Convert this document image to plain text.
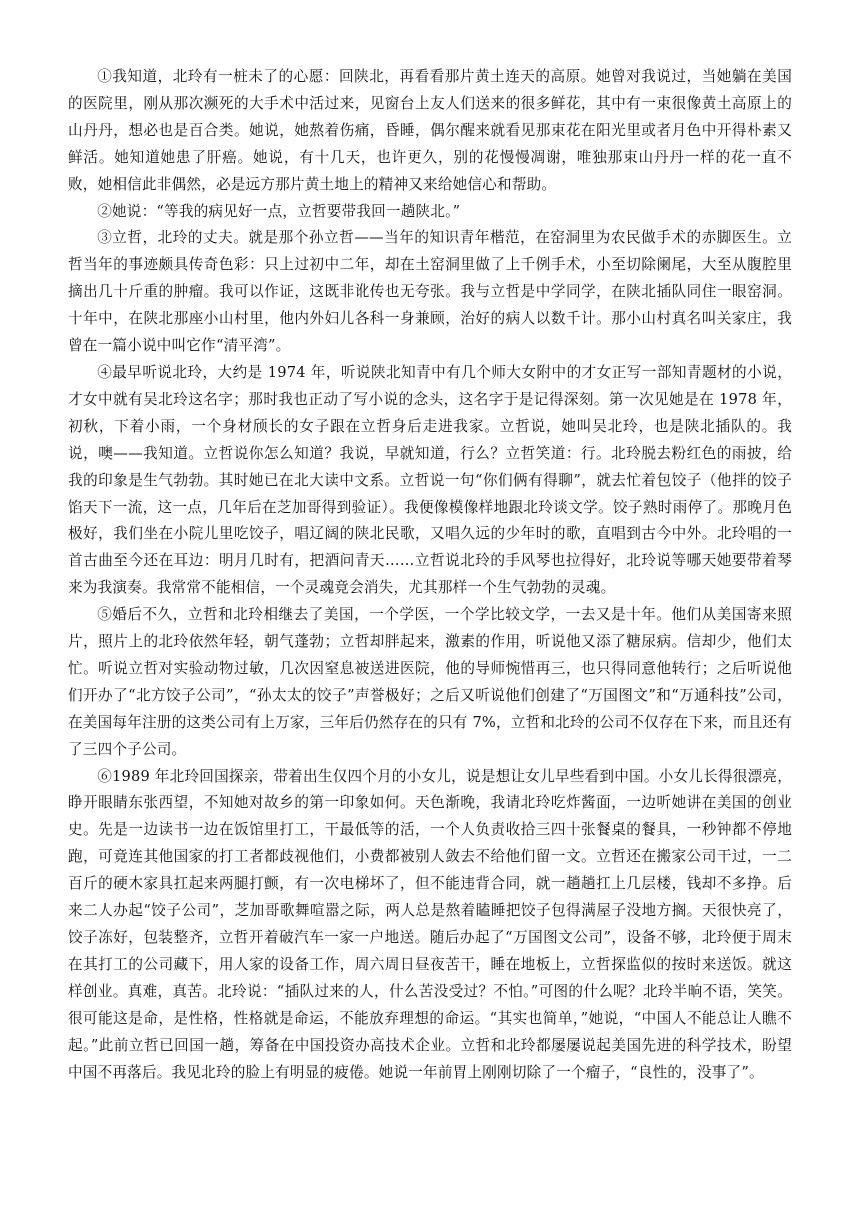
①我知道，北玲有一桩未了的心愿：回陕北，再看看那片黄土连天的高原。她曾对我说过，当她躺在美国的医院里，刚从那次濒死的大手术中活过来，见窗台上友人们送来的很多鲜花，其中有一束很像黄土高原上的山丹丹，想必也是百合类。她说，她熬着伤痛，昏睡，偶尔醒来就看见那束花在阳光里或者月色中开得朴素又鲜活。她知道她患了肝癌。她说，有十几天，也许更久，别的花慢慢凋谢，唯独那束山丹丹一样的花一直不败，她相信此非偶然，必是远方那片黄土地上的精神又来给她信心和帮助。

②她说：“等我的病见好一点，立哲要带我回一趟陕北。”

③立哲，北玲的丈夫。就是那个孙立哲——当年的知识青年楷范，在窑洞里为农民做手术的赤脚医生。立哲当年的事迹颇具传奇色彩：只上过初中二年，却在土窑洞里做了上千例手术，小至切除阑尾，大至从腹腔里摘出几十斤重的肿瘤。我可以作证，这既非讹传也无夸张。我与立哲是中学同学，在陕北插队同住一眼窑洞。十年中，在陕北那座小山村里，他内外妇儿各科一身兼顾，治好的病人以数千计。那小山村真名叫关家庄，我曾在一篇小说中叫它作“清平湾”。

④最早听说北玲，大约是 1974 年，听说陕北知青中有几个师大女附中的才女正写一部知青题材的小说，才女中就有吴北玲这名字；那时我也正动了写小说的念头，这名字于是记得深刻。第一次见她是在 1978 年，初秋，下着小雨，一个身材颀长的女子跟在立哲身后走进我家。立哲说，她叫吴北玲，也是陕北插队的。我说，噢——我知道。立哲说你怎么知道？我说，早就知道，行么？立哲笑道：行。北玲脱去粉红色的雨披，给我的印象是生气勃勃。其时她已在北大读中文系。立哲说一句“你们俩有得聊”，就去忙着包饺子（他拌的饺子馅天下一流，这一点，几年后在芝加哥得到验证）。我便像模像样地跟北玲谈文学。饺子熟时雨停了。那晚月色极好，我们坐在小院儿里吃饺子，唱辽阔的陕北民歌，又唱久远的少年时的歌，直唱到古今中外。北玲唱的一首古曲至今还在耳边：明月几时有，把酒问青天……立哲说北玲的手风琴也拉得好，北玲说等哪天她要带着琴来为我演奏。我常常不能相信，一个灵魂竟会消失，尤其那样一个生气勃勃的灵魂。

⑤婚后不久，立哲和北玲相继去了美国，一个学医，一个学比较文学，一去又是十年。他们从美国寄来照片，照片上的北玲依然年轻，朝气蓬勃；立哲却胖起来，激素的作用，听说他又添了糖尿病。信却少，他们太忙。听说立哲对实验动物过敏，几次因窒息被送进医院，他的导师惋惜再三，也只得同意他转行；之后听说他们开办了“北方饺子公司”，“孙太太的饺子”声誉极好；之后又听说他们创建了“万国图文”和“万通科技”公司，在美国每年注册的这类公司有上万家，三年后仍然存在的只有 7%，立哲和北玲的公司不仅存在下来，而且还有了三四个子公司。

⑥1989 年北玲回国探亲，带着出生仅四个月的小女儿，说是想让女儿早些看到中国。小女儿长得很漂亮，睁开眼睛东张西望，不知她对故乡的第一印象如何。天色渐晚，我请北玲吃炸酱面，一边听她讲在美国的创业史。先是一边读书一边在饭馆里打工，干最低等的活，一个人负责收拾三四十张餐桌的餐具，一秒钟都不停地跑，可竟连其他国家的打工者都歧视他们，小费都被别人敛去不给他们留一文。立哲还在搬家公司干过，一二百斤的硬木家具扛起来两腿打颤，有一次电梯坏了，但不能违背合同，就一趟趟扛上几层楼，钱却不多挣。后来二人办起“饺子公司”，芝加哥歌舞喧嚣之际，两人总是熬着瞌睡把饺子包得满屋子没地方搁。天很快亮了，饺子冻好，包装整齐，立哲开着破汽车一家一户地送。随后办起了“万国图文公司”，设备不够，北玲便于周末在其打工的公司藏下，用人家的设备工作，周六周日昼夜苦干，睡在地板上，立哲探监似的按时来送饭。就这样创业。真难，真苦。北玲说：“插队过来的人，什么苦没受过？不怕。”可图的什么呢？北玲半晌不语，笑笑。很可能这是命，是性格，性格就是命运，不能放弃理想的命运。“其实也简单，”她说，“中国人不能总让人瞧不起。”此前立哲已回国一趟，筹备在中国投资办高技术企业。立哲和北玲都屡屡说起美国先进的科学技术，盼望中国不再落后。我见北玲的脸上有明显的疲倦。她说一年前胃上刚刚切除了一个瘤子，“良性的，没事了”。
